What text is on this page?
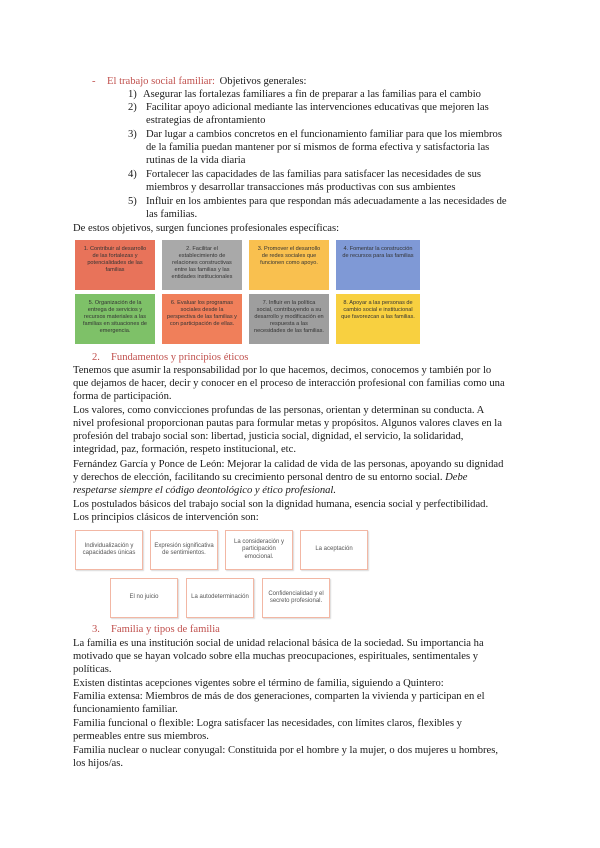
- El trabajo social familiar: Objetivos generales:
1) Asegurar las fortalezas familiares a fin de preparar a las familias para el cambio
2) Facilitar apoyo adicional mediante las intervenciones educativas que mejoren las
estrategias de afrontamiento
3) Dar lugar a cambios concretos en el funcionamiento familiar para que los miembros
de la familia puedan mantener por sí mismos de forma efectiva y satisfactoria las
rutinas de la vida diaria
4) Fortalecer las capacidades de las familias para satisfacer las necesidades de sus
miembros y desarrollar transacciones más productivas con sus ambientes
5) Influir en los ambientes para que respondan más adecuadamente a las necesidades de
las familias.
De estos objetivos, surgen funciones profesionales específicas:
1. Contribuir al desarrollo de las fortalezas y potencialidades de las familias
2. Facilitar el establecimiento de relaciones constructivas entre las familias y las entidades institucionales
3. Promover el desarrollo de redes sociales que funcionen como apoyo.
4. Fomentar la construcción de recursos para las familias
5. Organización de la entrega de servicios y recursos materiales a las familias en situaciones de emergencia.
6. Evaluar los programas sociales desde la perspectiva de las familias y con participación de ellas.
7. Influir en la política social, contribuyendo a su desarrollo y modificación en respuesta a las necesidades de las familias.
8. Apoyar a las personas de cambio social e institucional que favorezcan a las familias.
2. Fundamentos y principios éticos
Tenemos que asumir la responsabilidad por lo que hacemos, decimos, conocemos y también por lo
que dejamos de hacer, decir y conocer en el proceso de interacción profesional con familias como una
forma de participación.
Los valores, como convicciones profundas de las personas, orientan y determinan su conducta. A
nivel profesional proporcionan pautas para formular metas y propósitos. Algunos valores claves en la
profesión del trabajo social son: libertad, justicia social, dignidad, el servicio, la solidaridad,
integridad, paz, formación, respeto institucional, etc.
Fernández García y Ponce de León: Mejorar la calidad de vida de las personas, apoyando su dignidad
y derechos de elección, facilitando su crecimiento personal dentro de su entorno social. Debe
respetarse siempre el código deontológico y ético profesional.
Los postulados básicos del trabajo social son la dignidad humana, esencia social y perfectibilidad.
Los principios clásicos de intervención son:
Individualización y capacidades únicas
Expresión significativa de sentimientos.
La consideración y participación emocional.
La aceptación
El no juicio	La autodeterminación
Confidencialidad y el secreto profesional.
3. Familia y tipos de familia
La familia es una institución social de unidad relacional básica de la sociedad. Su importancia ha
motivado que se hayan volcado sobre ella muchas preocupaciones, espirituales, sentimentales y
políticas.
Existen distintas acepciones vigentes sobre el término de familia, siguiendo a Quintero:
Familia extensa: Miembros de más de dos generaciones, comparten la vivienda y participan en el
funcionamiento familiar.
Familia funcional o flexible: Logra satisfacer las necesidades, con límites claros, flexibles y
permeables entre sus miembros.
Familia nuclear o nuclear conyugal: Constituida por el hombre y la mujer, o dos mujeres u hombres,
los hijos/as.
